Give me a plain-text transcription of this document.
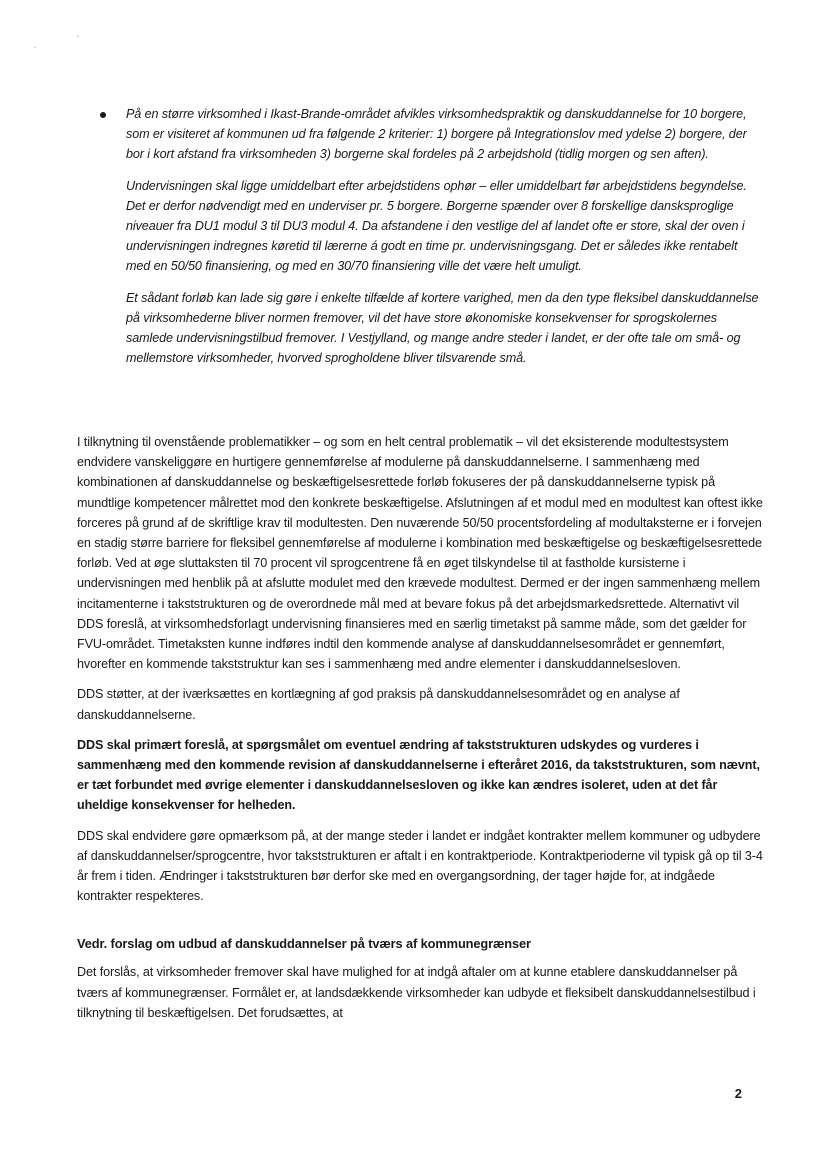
'
.

På en større virksomhed i Ikast-Brande-området afvikles virksomhedspraktik og danskuddannelse for 10 borgere, som er visiteret af kommunen ud fra følgende 2 kriterier: 1) borgere på Integrationslov med ydelse 2) borgere, der bor i kort afstand fra virksomheden 3) borgerne skal fordeles på 2 arbejdshold (tidlig morgen og sen aften).

Undervisningen skal ligge umiddelbart efter arbejdstidens ophør – eller umiddelbart før arbejdstidens begyndelse. Det er derfor nødvendigt med en underviser pr. 5 borgere. Borgerne spænder over 8 forskellige dansksproglige niveauer fra DU1 modul 3 til DU3 modul 4. Da afstandene i den vestlige del af landet ofte er store, skal der oven i undervisningen indregnes køretid til lærerne á godt en time pr. undervisningsgang. Det er således ikke rentabelt med en 50/50 finansiering, og med en 30/70 finansiering ville det være helt umuligt.

Et sådant forløb kan lade sig gøre i enkelte tilfælde af kortere varighed, men da den type fleksibel danskuddannelse på virksomhederne bliver normen fremover, vil det have store økonomiske konsekvenser for sprogskolernes samlede undervisningstilbud fremover. I Vestjylland, og mange andre steder i landet, er der ofte tale om små- og mellemstore virksomheder, hvorved sprogholdene bliver tilsvarende små.

I tilknytning til ovenstående problematikker – og som en helt central problematik – vil det eksisterende modultestsystem endvidere vanskeliggøre en hurtigere gennemførelse af modulerne på danskuddannelserne. I sammenhæng med kombinationen af danskuddannelse og beskæftigelsesrettede forløb fokuseres der på danskuddannelserne typisk på mundtlige kompetencer målrettet mod den konkrete beskæftigelse. Afslutningen af et modul med en modultest kan oftest ikke forceres på grund af de skriftlige krav til modultesten. Den nuværende 50/50 procentsfordeling af modultaksterne er i forvejen en stadig større barriere for fleksibel gennemførelse af modulerne i kombination med beskæftigelse og beskæftigelsesrettede forløb. Ved at øge sluttaksten til 70 procent vil sprogcentrene få en øget tilskyndelse til at fastholde kursisterne i undervisningen med henblik på at afslutte modulet med den krævede modultest. Dermed er der ingen sammenhæng mellem incitamenterne i takststrukturen og de overordnede mål med at bevare fokus på det arbejdsmarkedsrettede. Alternativt vil DDS foreslå, at virksomhedsforlagt undervisning finansieres med en særlig timetakst på samme måde, som det gælder for FVU-området. Timetaksten kunne indføres indtil den kommende analyse af danskuddannelsesområdet er gennemført, hvorefter en kommende takststruktur kan ses i sammenhæng med andre elementer i danskuddannelsesloven.

DDS støtter, at der iværksættes en kortlægning af god praksis på danskuddannelsesområdet og en analyse af danskuddannelserne.

DDS skal primært foreslå, at spørgsmålet om eventuel ændring af takststrukturen udskydes og vurderes i sammenhæng med den kommende revision af danskuddannelserne i efteråret 2016, da takststrukturen, som nævnt, er tæt forbundet med øvrige elementer i danskuddannelsesloven og ikke kan ændres isoleret, uden at det får uheldige konsekvenser for helheden.

DDS skal endvidere gøre opmærksom på, at der mange steder i landet er indgået kontrakter mellem kommuner og udbydere af danskuddannelser/sprogcentre, hvor takststrukturen er aftalt i en kontraktperiode. Kontraktperioderne vil typisk gå op til 3-4 år frem i tiden. Ændringer i takststrukturen bør derfor ske med en overgangsordning, der tager højde for, at indgåede kontrakter respekteres.

Vedr. forslag om udbud af danskuddannelser på tværs af kommunegrænser

Det forslås, at virksomheder fremover skal have mulighed for at indgå aftaler om at kunne etablere danskuddannelser på tværs af kommunegrænser. Formålet er, at landsdækkende virksomheder kan udbyde et fleksibelt danskuddannelsestilbud i tilknytning til beskæftigelsen. Det forudsættes, at

2
